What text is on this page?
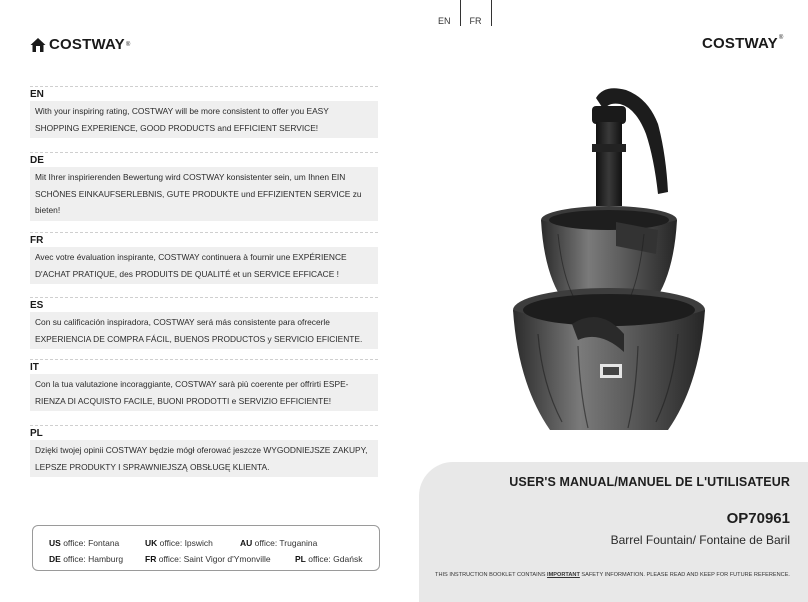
COSTWAY ®
EN
With your inspiring rating, COSTWAY will be more consistent to offer you EASY SHOPPING EXPERIENCE, GOOD PRODUCTS and EFFICIENT SERVICE!
DE
Mit Ihrer inspirierenden Bewertung wird COSTWAY konsistenter sein, um Ihnen EIN SCHÖNES EINKAUFSERLEBNIS, GUTE PRODUKTE und EFFIZIENTEN SERVICE zu bieten!
FR
Avec votre évaluation inspirante, COSTWAY continuera à fournir une EXPÉRIENCE D'ACHAT PRATIQUE, des PRODUITS DE QUALITÉ et un SERVICE EFFICACE !
ES
Con su calificación inspiradora, COSTWAY será más consistente para ofrecerle EXPERIENCIA DE COMPRA FÁCIL, BUENOS PRODUCTOS y SERVICIO EFICIENTE.
IT
Con la tua valutazione incoraggiante, COSTWAY sarà più coerente per offrirti ESPE-RIENZA DI ACQUISTO FACILE, BUONI PRODOTTI e SERVIZIO EFFICIENTE!
PL
Dzięki twojej opinii COSTWAY będzie mógł oferować jeszcze WYGODNIEJSZE ZAKUPY, LEPSZE PRODUKTY I SPRAWNIEJSZĄ OBSŁUGĘ KLIENTA.
US office: Fontana	UK office: Ipswich	AU office: Truganina
DE office: Hamburg	FR office: Saint Vigor d'Ymonville	PL office: Gdańsk
EN	FR
COSTWAY®
USER'S MANUAL/MANUEL DE L'UTILISATEUR
OP70961
Barrel Fountain/ Fontaine de Baril
THIS INSTRUCTION BOOKLET CONTAINS IMPORTANT SAFETY INFORMATION. PLEASE READ AND KEEP FOR FUTURE REFERENCE.
